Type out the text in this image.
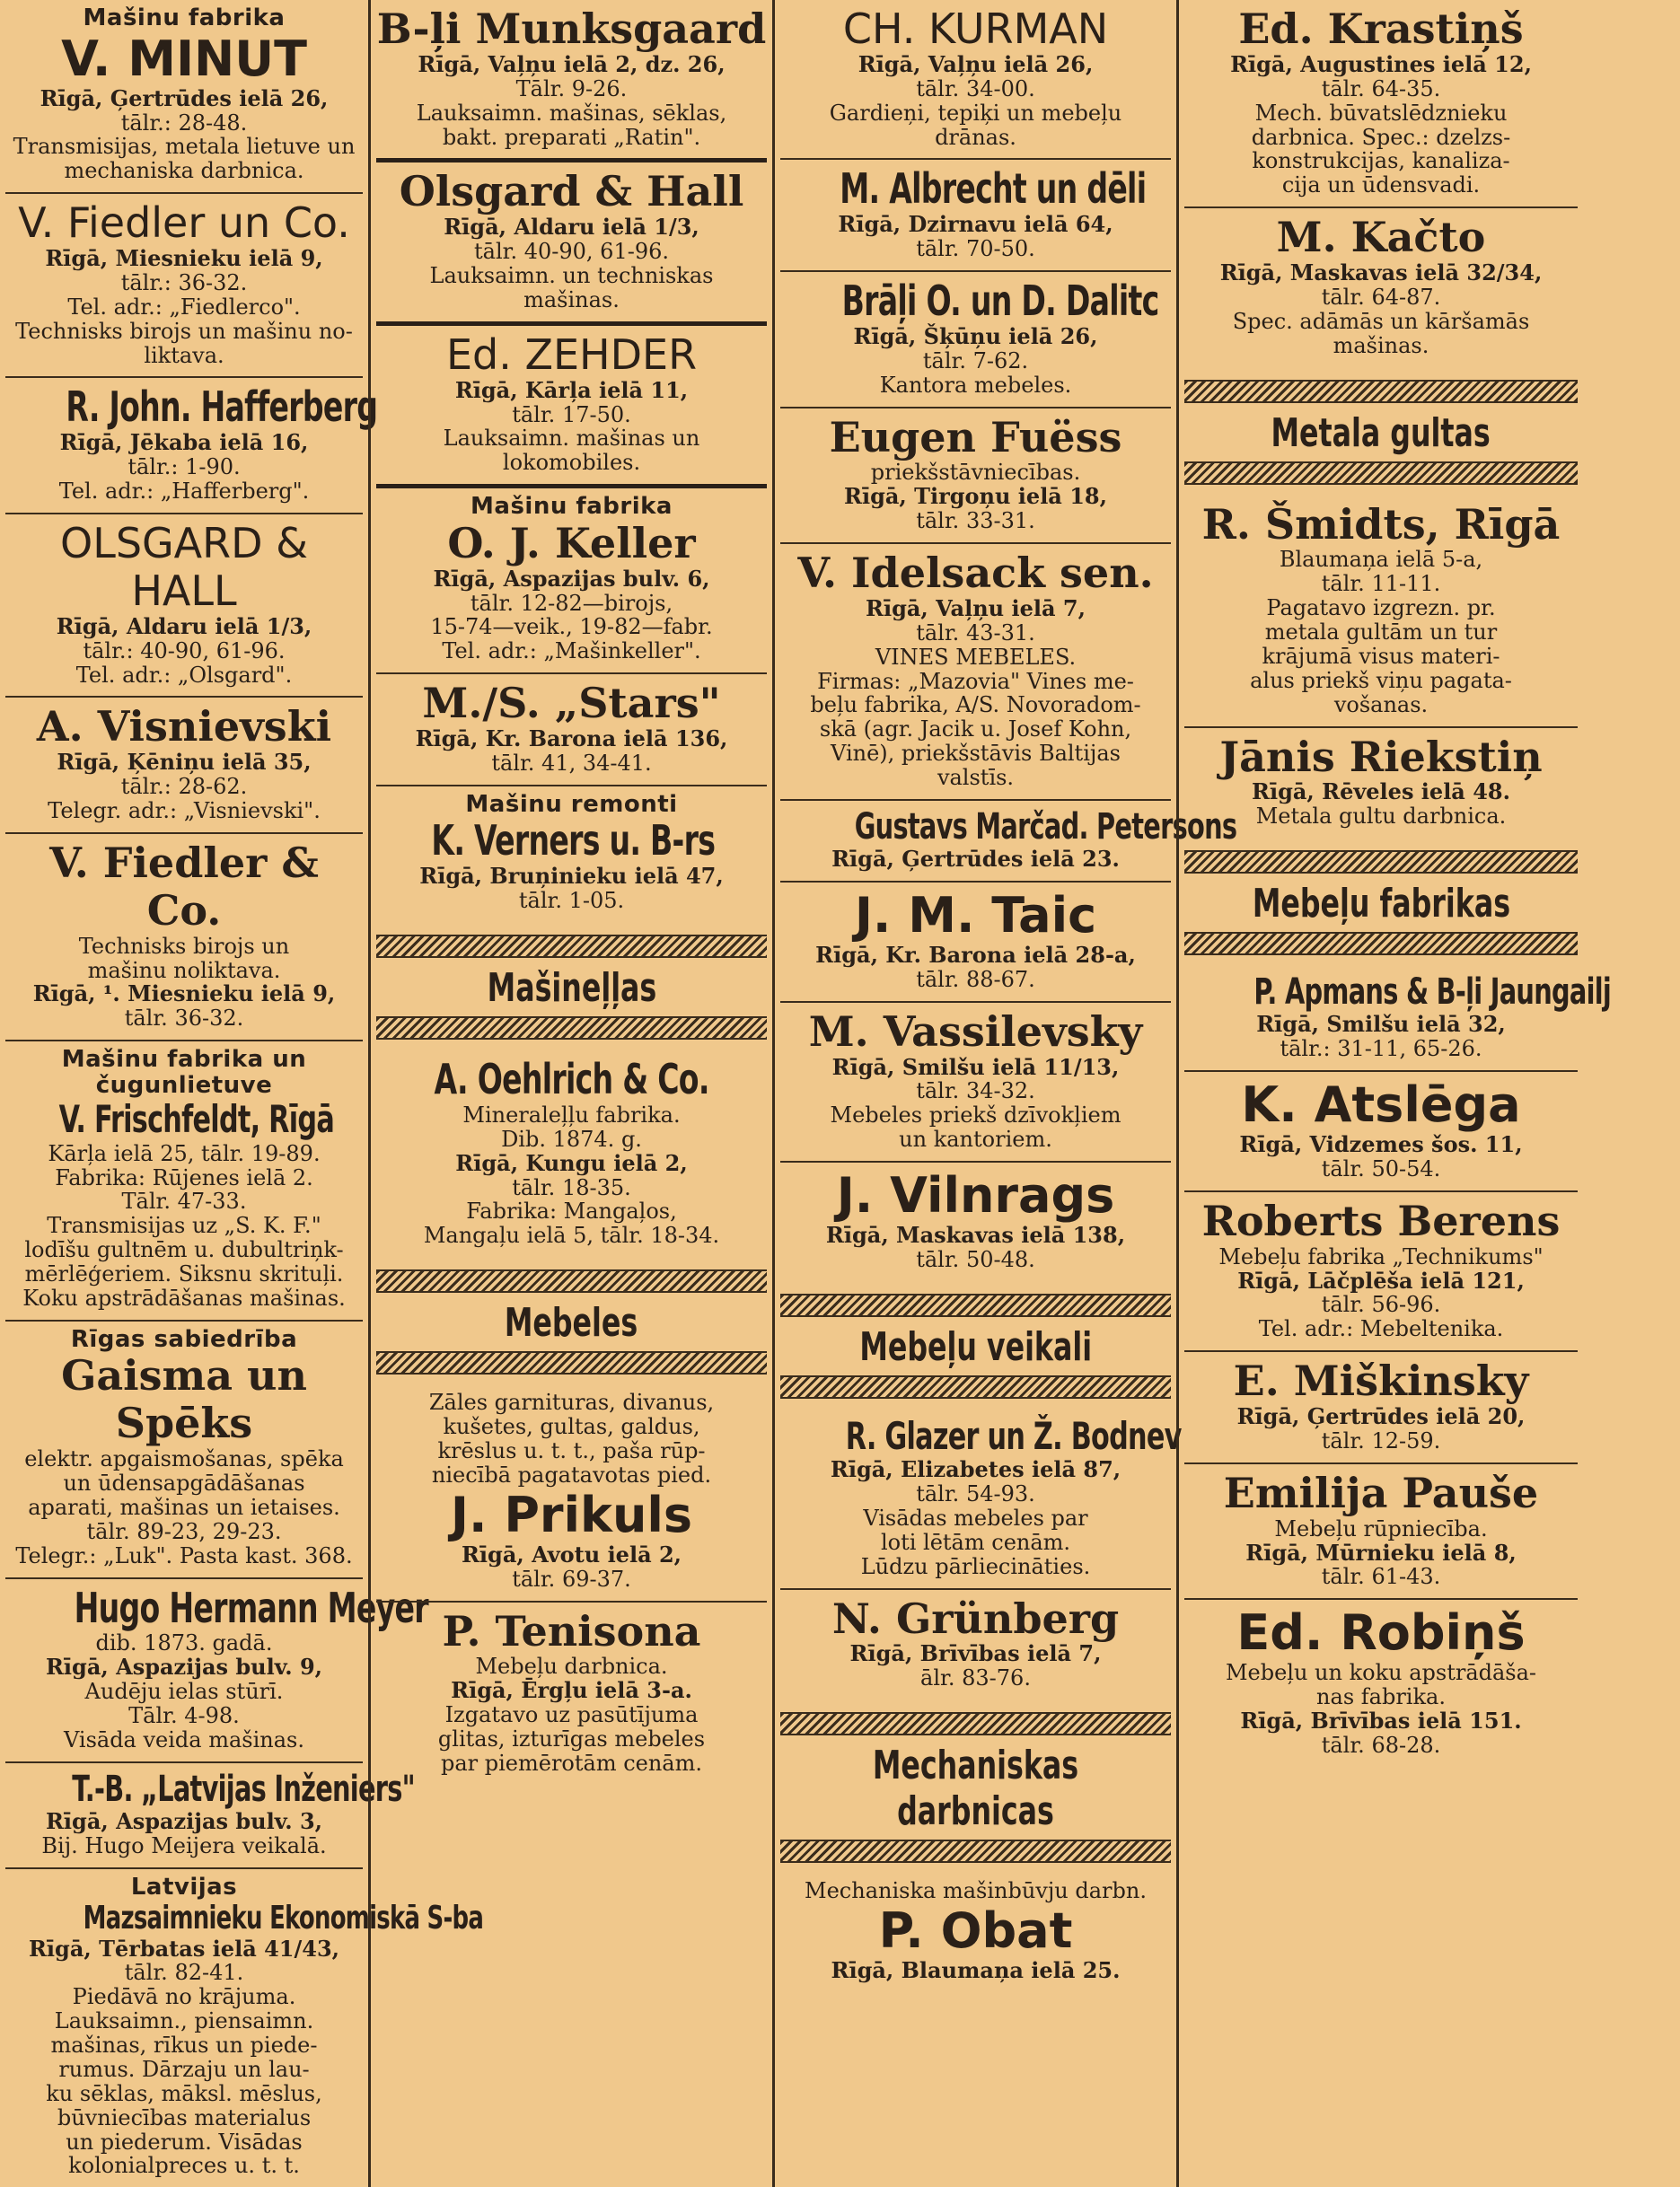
Mašinu fabrika
V. MINUT
Rīgā, Ģertrūdes ielā 26,
tālr.: 28-48.
Transmisijas, metala lietuve un
mechaniska darbnica.
V. Fiedler un Co.
Rīgā, Miesnieku ielā 9,
tālr.: 36-32.
Tel. adr.: „Fiedlerco".
Technisks birojs un mašinu no-
liktava.
R. John. Hafferberg
Rīgā, Jēkaba ielā 16,
tālr.: 1-90.
Tel. adr.: „Hafferberg".
OLSGARD & HALL
Rīgā, Aldaru ielā 1/3,
tālr.: 40-90, 61-96.
Tel. adr.: „Olsgard".
A. Visnievski
Rīgā, Ķēniņu ielā 35,
tālr.: 28-62.
Telegr. adr.: „Visnievski".
V. Fiedler & Co.
Technisks birojs un
mašinu noliktava.
Rīgā, ¹. Miesnieku ielā 9,
tālr. 36-32.
Mašinu fabrika un čugunlietuve
V. Frischfeldt, Rīgā
Kārļa ielā 25, tālr. 19-89.
Fabrika: Rūjenes ielā 2.
Tālr. 47-33.
Transmisijas uz „S. K. F."
lodīšu gultnēm u. dubultriņk-
mērlēģeriem. Siksnu skrituļi.
Koku apstrādāšanas mašinas.
Rīgas sabiedrība
Gaisma un Spēks
elektr. apgaismošanas, spēka
un ūdensapgādāšanas
aparati, mašinas un ietaises.
tālr. 89-23, 29-23.
Telegr.: „Luk". Pasta kast. 368.
Hugo Hermann Meyer
dib. 1873. gadā.
Rīgā, Aspazijas bulv. 9,
Audēju ielas stūrī.
Tālr. 4-98.
Visāda veida mašinas.
T.-B. „Latvijas Inženiers"
Rīgā, Aspazijas bulv. 3,
Bij. Hugo Meijera veikalā.
Latvijas
Mazsaimnieku Ekonomiskā S-ba
Rīgā, Tērbatas ielā 41/43,
tālr. 82-41.
Piedāvā no krājuma.
Lauksaimn., piensaimn.
mašinas, rīkus un piede-
rumus. Dārzaju un lau-
ku sēklas, māksl. mēslus,
būvniecības materialus
un piederum. Visādas
kolonialpreces u. t. t.
B-ļi Munksgaard
Rīgā, Vaļņu ielā 2, dz. 26,
Tālr. 9-26.
Lauksaimn. mašinas, sēklas,
bakt. preparati „Ratin".
Olsgard & Hall
Rīgā, Aldaru ielā 1/3,
tālr. 40-90, 61-96.
Lauksaimn. un techniskas
mašinas.
Ed. ZEHDER
Rīgā, Kārļa ielā 11,
tālr. 17-50.
Lauksaimn. mašinas un
lokomobiles.
Mašinu fabrika
O. J. Keller
Rīgā, Aspazijas bulv. 6,
tālr. 12-82—birojs,
15-74—veik., 19-82—fabr.
Tel. adr.: „Mašinkeller".
M./S. „Stars"
Rīgā, Kr. Barona ielā 136,
tālr. 41, 34-41.
Mašinu remonti
K. Verners u. B-rs
Rīgā, Bruņinieku ielā 47,
tālr. 1-05.
Mašineļļas
A. Oehlrich & Co.
Mineraleļļu fabrika.
Dib. 1874. g.
Rīgā, Kungu ielā 2,
tālr. 18-35.
Fabrika: Mangaļos,
Mangaļu ielā 5, tālr. 18-34.
Mebeles
Zāles garnituras, divanus,
kušetes, gultas, galdus,
krēslus u. t. t., paša rūp-
niecībā pagatavotas pied.
J. Prikuls
Rīgā, Avotu ielā 2,
tālr. 69-37.
P. Tenisona
Mebeļu darbnica.
Rīgā, Ērgļu ielā 3-a.
Izgatavo uz pasūtījuma
glitas, izturīgas mebeles
par piemērotām cenām.
CH. KURMAN
Rīgā, Vaļņu ielā 26,
tālr. 34-00.
Gardieņi, tepiķi un mebeļu
drānas.
M. Albrecht un dēli
Rīgā, Dzirnavu ielā 64,
tālr. 70-50.
Brāļi O. un D. Dalitc
Rīgā, Šķūņu ielā 26,
tālr. 7-62.
Kantora mebeles.
Eugen Fuëss
priekšstāvniecības.
Rīgā, Tirgoņu ielā 18,
tālr. 33-31.
V. Idelsack sen.
Rīgā, Vaļņu ielā 7,
tālr. 43-31.
VINES MEBELES.
Firmas: „Mazovia" Vines me-
beļu fabrika, A/S. Novoradom-
skā (agr. Jacik u. Josef Kohn,
Vinē), priekšstāvis Baltijas
valstīs.
Gustavs Marčad. Petersons
Rīgā, Ģertrūdes ielā 23.
J. M. Taic
Rīgā, Kr. Barona ielā 28-a,
tālr. 88-67.
M. Vassilevsky
Rīgā, Smilšu ielā 11/13,
tālr. 34-32.
Mebeles priekš dzīvokļiem
un kantoriem.
J. Vilnrags
Rīgā, Maskavas ielā 138,
tālr. 50-48.
Mebeļu veikali
R. Glazer un Ž. Bodnev
Rīgā, Elizabetes ielā 87,
tālr. 54-93.
Visādas mebeles par
loti lētām cenām.
Lūdzu pārliecināties.
N. Grünberg
Rīgā, Brīvības ielā 7,
ālr. 83-76.
Mechaniskas darbnicas
Mechaniska mašinbūvju darbn.
P. Obat
Rīgā, Blaumaņa ielā 25.
Ed. Krastiņš
Rīgā, Augustines ielā 12,
tālr. 64-35.
Mech. būvatslēdznieku
darbnica. Spec.: dzelzs-
konstrukcijas, kanaliza-
cija un ūdensvadi.
M. Kačto
Rīgā, Maskavas ielā 32/34,
tālr. 64-87.
Spec. adāmās un kāršamās
mašinas.
Metala gultas
R. Šmidts, Rīgā
Blaumaņa ielā 5-a,
tālr. 11-11.
Pagatavo izgrezn. pr.
metala gultām un tur
krājumā visus materi-
alus priekš viņu pagata-
vošanas.
Jānis Riekstiņ
Rīgā, Rēveles ielā 48.
Metala gultu darbnica.
Mebeļu fabrikas
P. Apmans & B-ļi Jaungailj
Rīgā, Smilšu ielā 32,
tālr.: 31-11, 65-26.
K. Atslēga
Rīgā, Vidzemes šos. 11,
tālr. 50-54.
Roberts Berens
Mebeļu fabrika „Technikums"
Rīgā, Lāčplēša ielā 121,
tālr. 56-96.
Tel. adr.: Mebeltenika.
E. Miškinsky
Rīgā, Ģertrūdes ielā 20,
tālr. 12-59.
Emilija Pauše
Mebeļu rūpniecība.
Rīgā, Mūrnieku ielā 8,
tālr. 61-43.
Ed. Robiņš
Mebeļu un koku apstrādāša-
nas fabrika.
Rīgā, Brīvības ielā 151.
tālr. 68-28.
